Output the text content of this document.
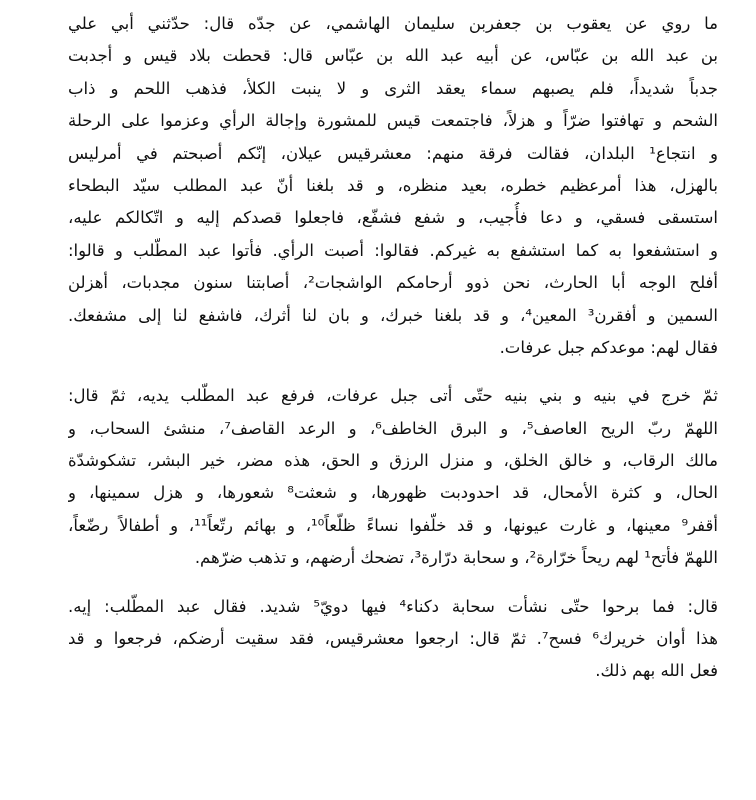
ما روي عن يعقوب بن جعفربن سليمان الهاشمي، عن جدّه قال: حدّثني أبي علي
بن عبد الله بن عبّاس، عن أبيه عبد الله بن عبّاس قال: قحطت بلاد قيس و أجدبت
جدباً شديداً، فلم يصبهم سماء يعقد الثرى و لا ينبت الكلأ، فذهب اللحم و ذاب
الشحم و تهافتوا ضرّاً و هزلاً، فاجتمعت قيس للمشورة وإجالة الرأي وعزموا على الرحلة
و انتجاع¹ البلدان، فقالت فرقة منهم: معشرقيس عيلان، إنّكم أصبحتم في أمرليس
بالهزل، هذا أمرعظيم خطره، بعيد منظره، و قد بلغنا أنّ عبد المطلب سيّد البطحاء
استسقى فسقي، و دعا فأُجيب، و شفع فشفّع، فاجعلوا قصدكم إليه و اتّكالكم عليه،
و استشفعوا به كما استشفع به غيركم. فقالوا: أصبت الرأي. فأتوا عبد المطّلب و قالوا:
أفلح الوجه أبا الحارث، نحن ذوو أرحامكم الواشجات²، أصابتنا سنون مجدبات، أهزلن
السمين و أفقرن³ المعين⁴، و قد بلغنا خبرك، و بان لنا أثرك، فاشفع لنا إلى مشفعك.
فقال لهم: موعدكم جبل عرفات.
ثمّ خرج في بنيه و بني بنيه حتّى أتى جبل عرفات، فرفع عبد المطّلب يديه، ثمّ قال:
اللهمّ ربّ الريح العاصف⁵، و البرق الخاطف⁶، و الرعد القاصف⁷، منشئ السحاب، و
مالك الرقاب، و خالق الخلق، و منزل الرزق و الحق، هذه مضر، خير البشر، تشكوشدّة
الحال، و كثرة الأمحال، قد احدودبت ظهورها، و شعثت⁸ شعورها، و هزل سمينها، و
أقفر⁹ معينها، و غارت عيونها، و قد خلّفوا نساءً ظلّعاً¹⁰، و بهائم رتّعاً¹¹، و أطفالاً رضّعاً،
اللهمّ فأتح¹ لهم ريحاً خرّارة²، و سحابة درّارة³، تضحك أرضهم، و تذهب ضرّهم.
قال: فما برحوا حتّى نشأت سحابة دكناء⁴ فيها دويّ⁵ شديد. فقال عبد المطّلب: إيه.
هذا أوان خريرك⁶ فسح⁷. ثمّ قال: ارجعوا معشرقيس، فقد سقيت أرضكم، فرجعوا و قد
فعل الله بهم ذلك.
